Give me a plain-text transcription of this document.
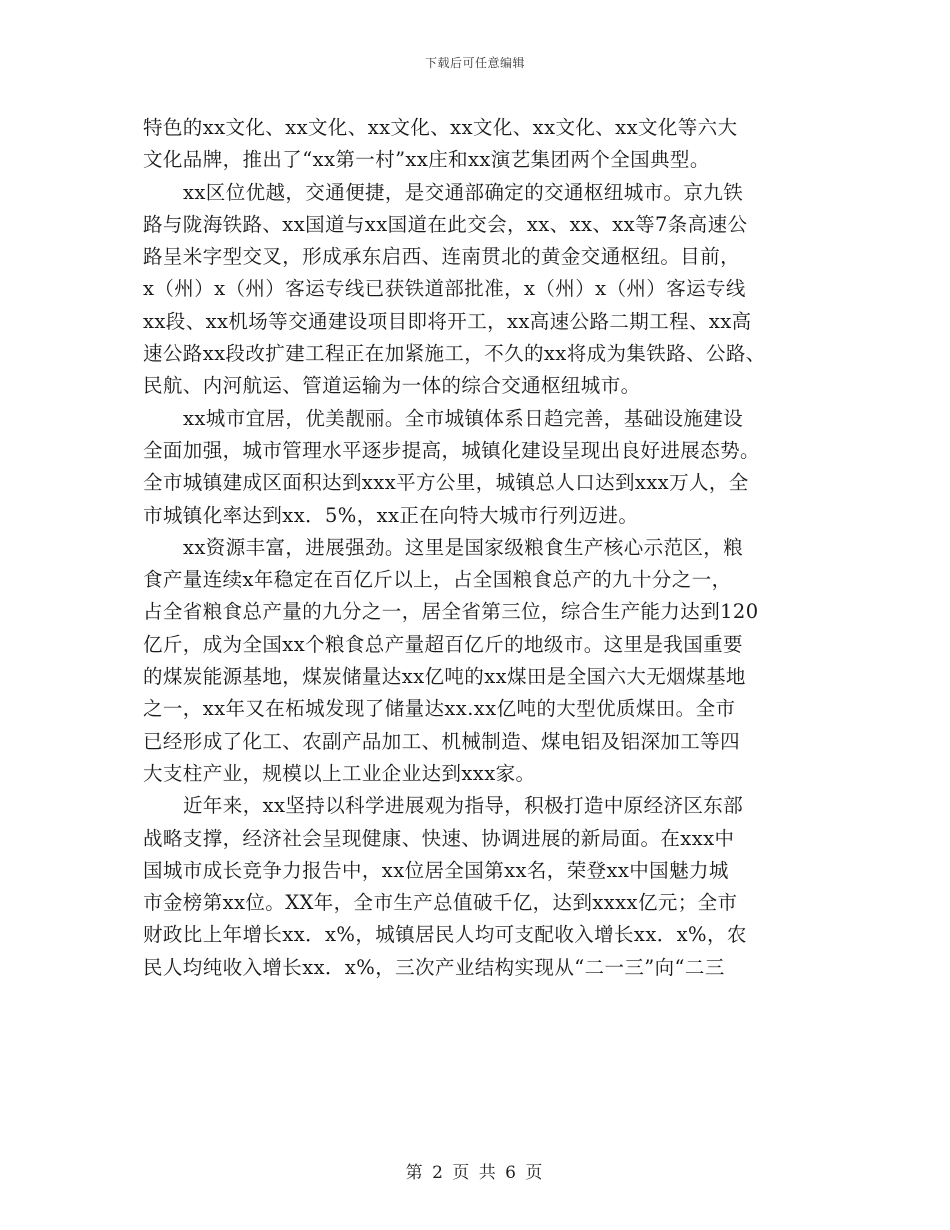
下载后可任意编辑
特色的xx文化、xx文化、xx文化、xx文化、xx文化、xx文化等六大
文化品牌，推出了“xx第一村”xx庄和xx演艺集团两个全国典型。
xx区位优越，交通便捷，是交通部确定的交通枢纽城市。京九铁
路与陇海铁路、xx国道与xx国道在此交会，xx、xx、xx等7条高速公
路呈米字型交叉，形成承东启西、连南贯北的黄金交通枢纽。目前，
x（州）x（州）客运专线已获铁道部批准，x（州）x（州）客运专线
xx段、xx机场等交通建设项目即将开工，xx高速公路二期工程、xx高
速公路xx段改扩建工程正在加紧施工，不久的xx将成为集铁路、公路、
民航、内河航运、管道运输为一体的综合交通枢纽城市。
xx城市宜居，优美靓丽。全市城镇体系日趋完善，基础设施建设
全面加强，城市管理水平逐步提高，城镇化建设呈现出良好进展态势。
全市城镇建成区面积达到xxx平方公里，城镇总人口达到xxx万人，全
市城镇化率达到xx．5%，xx正在向特大城市行列迈进。
xx资源丰富，进展强劲。这里是国家级粮食生产核心示范区，粮
食产量连续x年稳定在百亿斤以上，占全国粮食总产的九十分之一，
占全省粮食总产量的九分之一，居全省第三位，综合生产能力达到120
亿斤，成为全国xx个粮食总产量超百亿斤的地级市。这里是我国重要
的煤炭能源基地，煤炭储量达xx亿吨的xx煤田是全国六大无烟煤基地
之一，xx年又在柘城发现了储量达xx.xx亿吨的大型优质煤田。全市
已经形成了化工、农副产品加工、机械制造、煤电铝及铝深加工等四
大支柱产业，规模以上工业企业达到xxx家。
近年来，xx坚持以科学进展观为指导，积极打造中原经济区东部
战略支撑，经济社会呈现健康、快速、协调进展的新局面。在xxx中
国城市成长竞争力报告中，xx位居全国第xx名，荣登xx中国魅力城
市金榜第xx位。XX年，全市生产总值破千亿，达到xxxx亿元；全市
财政比上年增长xx．x%，城镇居民人均可支配收入增长xx．x%，农
民人均纯收入增长xx．x%，三次产业结构实现从“二一三”向“二三
第 2 页 共 6 页
